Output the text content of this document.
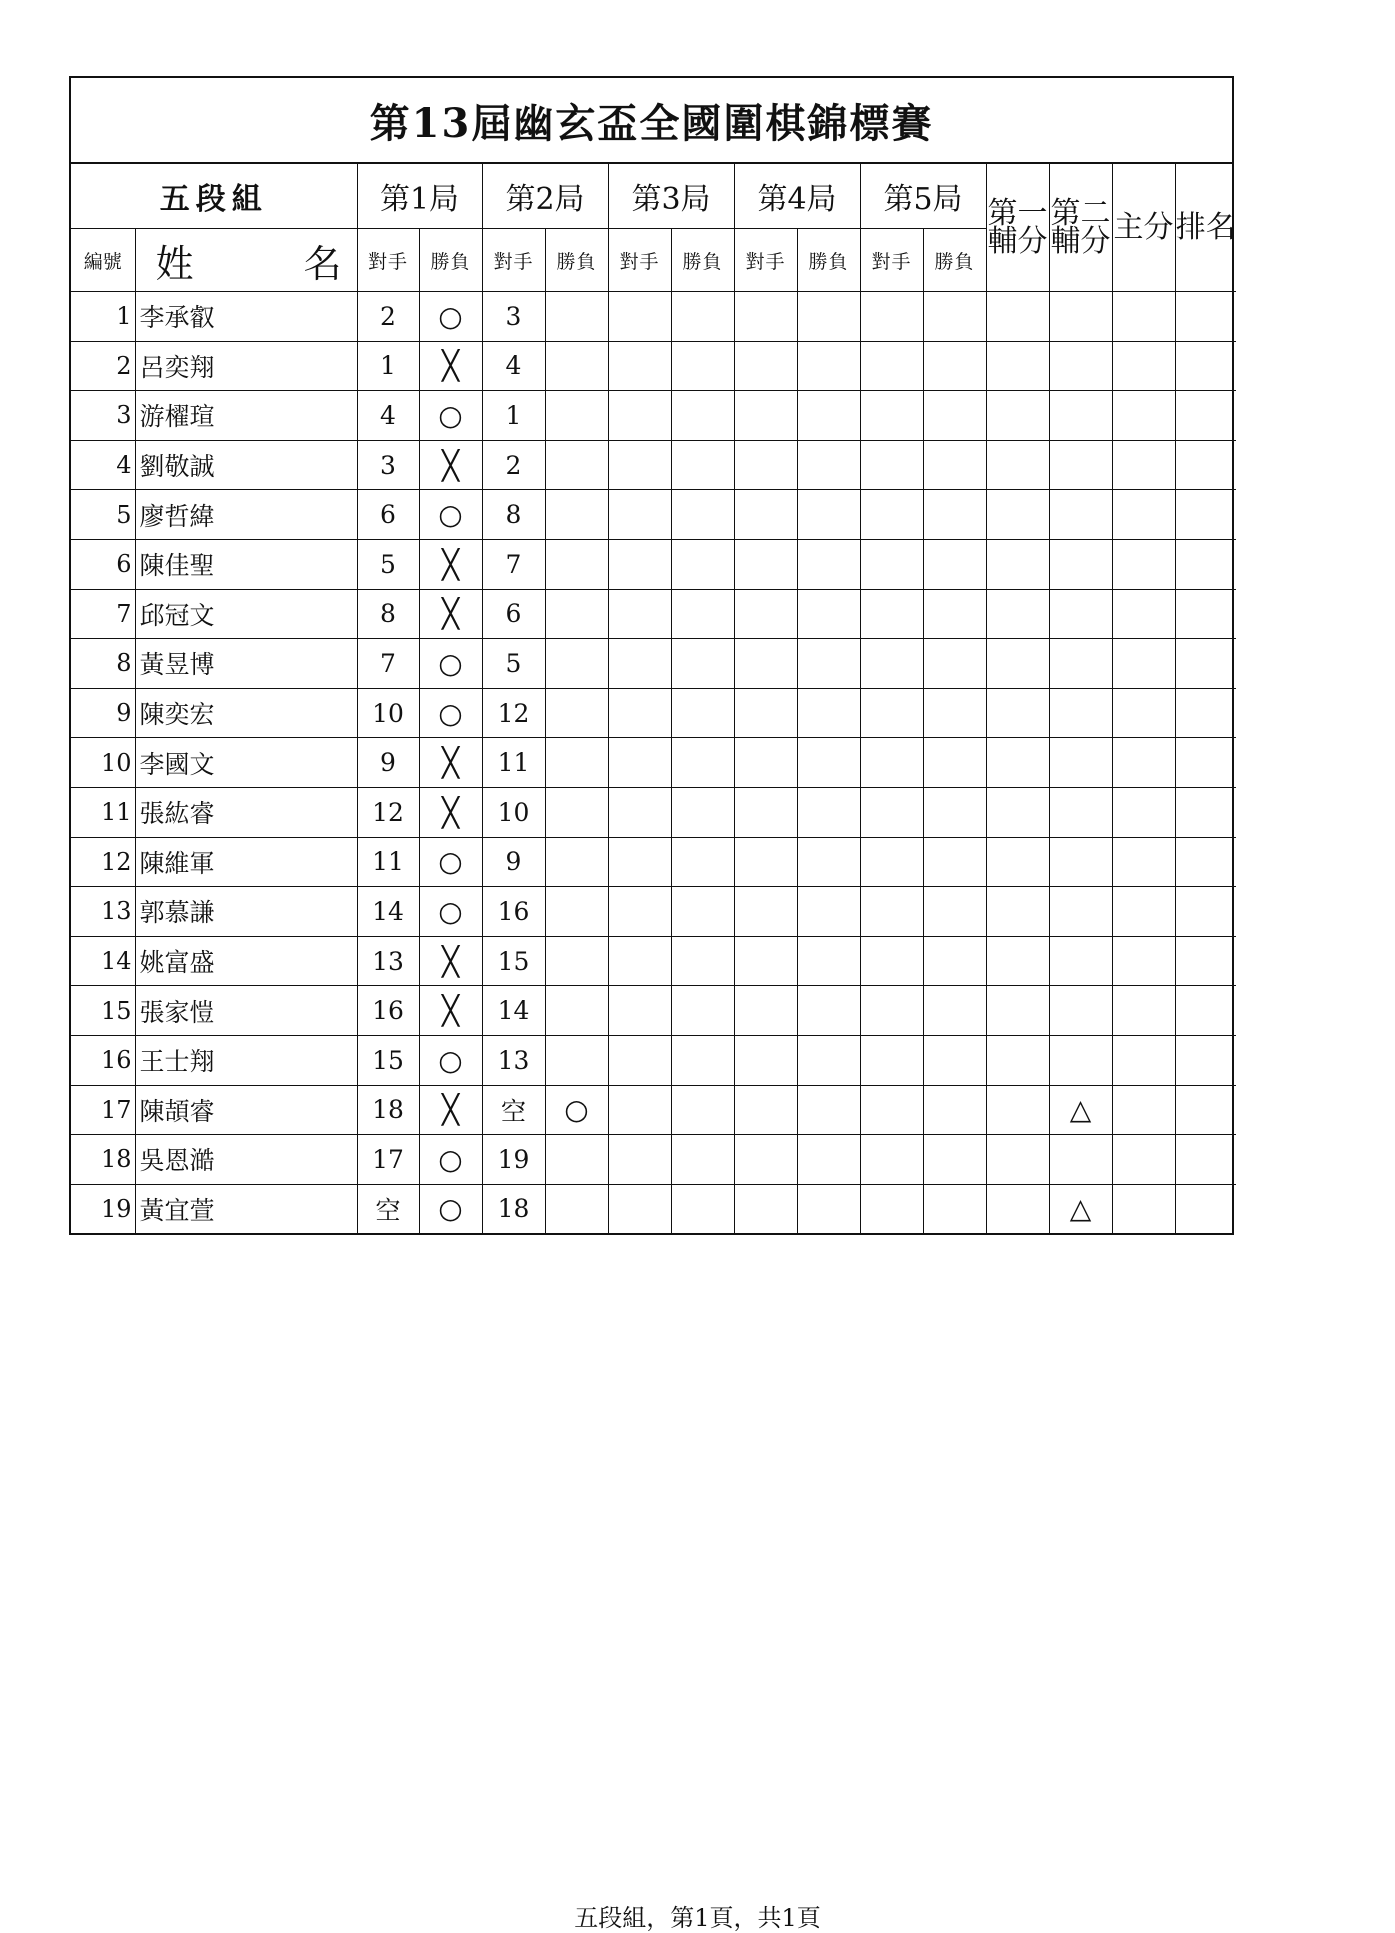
第13屆幽玄盃全國圍棋錦標賽
五段組		第1局		第2局		第3局		第4局		第5局		第一輔分	第二輔分	主分	排名
編號	姓 名	對手	勝負	對手	勝負	對手	勝負	對手	勝負	對手	勝負				
1	李承叡	2	○	3											
2	呂奕翔	1	╳	4											
3	游櫂瑄	4	○	1											
4	劉敬誠	3	╳	2											
5	廖哲緯	6	○	8											
6	陳佳聖	5	╳	7											
7	邱冠文	8	╳	6											
8	黃昱博	7	○	5											
9	陳奕宏	10	○	12											
10	李國文	9	╳	11											
11	張紘睿	12	╳	10											
12	陳維軍	11	○	9											
13	郭慕謙	14	○	16											
14	姚富盛	13	╳	15											
15	張家愷	16	╳	14											
16	王士翔	15	○	13											
17	陳頡睿	18	╳	空	○								△		
18	吳恩澔	17	○	19											
19	黃宜萱	空	○	18									△		
五段組，第1頁，共1頁
